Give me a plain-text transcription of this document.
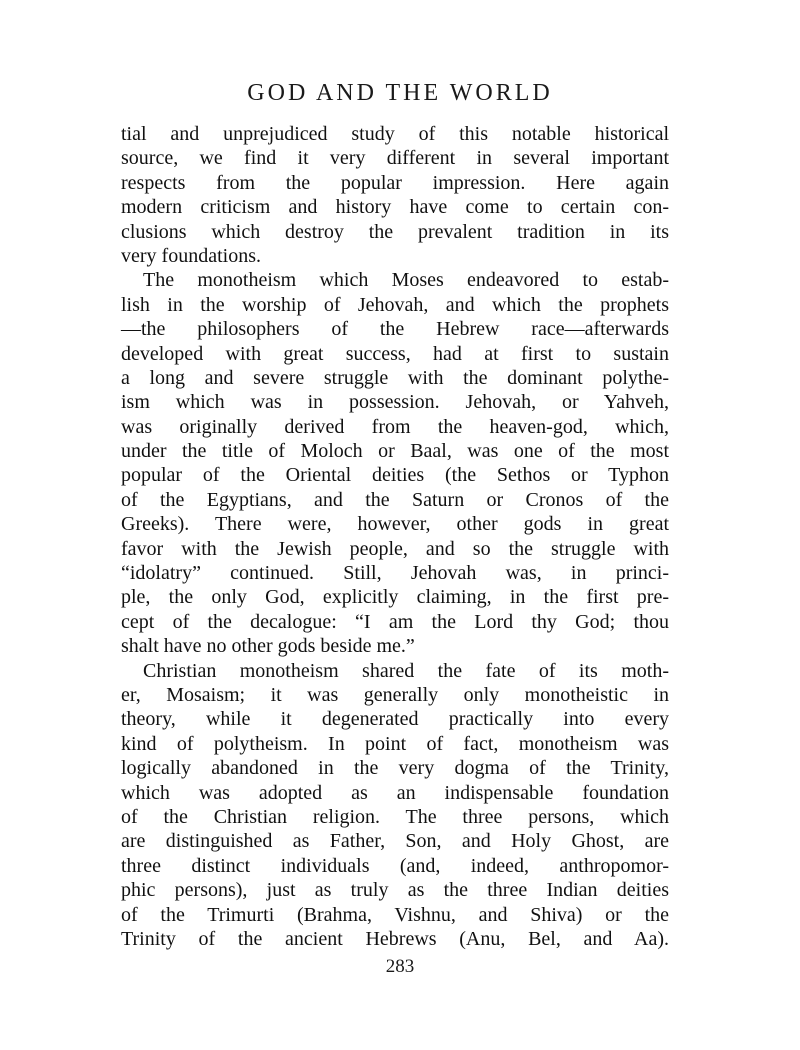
GOD AND THE WORLD
tial and unprejudiced study of this notable historical
source, we find it very different in several important
respects from the popular impression. Here again
modern criticism and history have come to certain con-
clusions which destroy the prevalent tradition in its
very foundations.
The monotheism which Moses endeavored to estab-
lish in the worship of Jehovah, and which the prophets
—the philosophers of the Hebrew race—afterwards
developed with great success, had at first to sustain
a long and severe struggle with the dominant polythe-
ism which was in possession. Jehovah, or Yahveh,
was originally derived from the heaven-god, which,
under the title of Moloch or Baal, was one of the most
popular of the Oriental deities (the Sethos or Typhon
of the Egyptians, and the Saturn or Cronos of the
Greeks). There were, however, other gods in great
favor with the Jewish people, and so the struggle with
“idolatry” continued. Still, Jehovah was, in princi-
ple, the only God, explicitly claiming, in the first pre-
cept of the decalogue: “I am the Lord thy God; thou
shalt have no other gods beside me.”
Christian monotheism shared the fate of its moth-
er, Mosaism; it was generally only monotheistic in
theory, while it degenerated practically into every
kind of polytheism. In point of fact, monotheism was
logically abandoned in the very dogma of the Trinity,
which was adopted as an indispensable foundation
of the Christian religion. The three persons, which
are distinguished as Father, Son, and Holy Ghost, are
three distinct individuals (and, indeed, anthropomor-
phic persons), just as truly as the three Indian deities
of the Trimurti (Brahma, Vishnu, and Shiva) or the
Trinity of the ancient Hebrews (Anu, Bel, and Aa).
283
